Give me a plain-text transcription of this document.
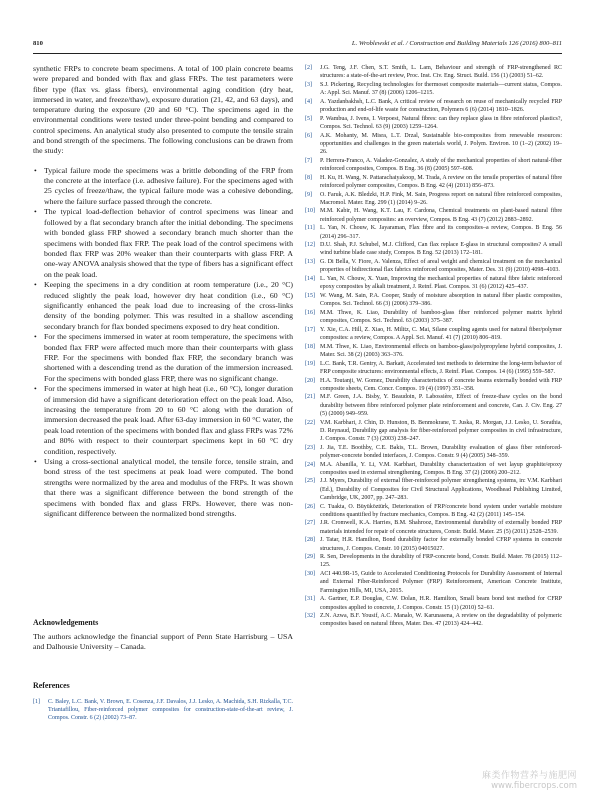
810	L. Wroblewski et al. / Construction and Building Materials 126 (2016) 800–811

synthetic FRPs to concrete beam specimens. A total of 100 plain concrete beams were prepared and bonded with flax and glass FRPs. The test parameters were fiber type (flax vs. glass fibers), environmental aging condition (dry heat, immersed in water, and freeze/thaw), exposure duration (21, 42, and 63 days), and temperature during the exposure (20 and 60 °C). The specimens aged in the environmental conditions were tested under three-point bending and compared to control specimens. An analytical study also presented to compute the tensile strain and bond strength of the specimens. The following conclusions can be drawn from the study:

• Typical failure mode the specimens was a brittle debonding of the FRP from the concrete at the interface (i.e. adhesive failure). For the specimens aged with 25 cycles of freeze/thaw, the typical failure mode was a cohesive debonding, where the failure surface passed through the concrete.
• The typical load-deflection behavior of control specimens was linear and followed by a flat secondary branch after the initial debonding. The specimens with bonded glass FRP showed a secondary branch much shorter than the specimens with bonded flax FRP. The peak load of the control specimens with bonded flax FRP was 20% weaker than their counterparts with glass FRP. A one-way ANOVA analysis showed that the type of fibers has a significant effect on the peak load.
• Keeping the specimens in a dry condition at room temperature (i.e., 20 °C) reduced slightly the peak load, however dry heat condition (i.e., 60 °C) significantly enhanced the peak load due to increasing of the cross-links density of the bonding polymer. This was resulted in a shallow ascending secondary branch for flax bonded specimens exposed to dry heat condition.
• For the specimens immersed in water at room temperature, the specimens with bonded flax FRP were affected much more than their counterparts with glass FRP. For the specimens with bonded flax FRP, the secondary branch was shortened with a descending trend as the duration of the immersion increased. For the specimens with bonded glass FRP, there was no significant change.
• For the specimens immersed in water at high heat (i.e., 60 °C), longer duration of immersion did have a significant deterioration effect on the peak load. Also, increasing the temperature from 20 to 60 °C along with the duration of immersion decreased the peak load. After 63-day immersion in 60 °C water, the peak load retention of the specimens with bonded flax and glass FRPs was 72% and 80% with respect to their counterpart specimens kept in 60 °C dry condition, respectively.
• Using a cross-sectional analytical model, the tensile force, tensile strain, and bond stress of the test specimens at peak load were computed. The bond strengths were normalized by the area and modulus of the FRPs. It was shown that there was a significant difference between the bond strength of the specimens with bonded flax and glass FRPs. However, there was non-significant difference between the normalized bond strengths.
Acknowledgements

The authors acknowledge the financial support of Penn State Harrisburg – USA and Dalhousie University – Canada.

References
[1]	C. Baley, L.C. Bank, V. Brown, E. Cosenza, J.F. Davalos, J.J. Lesko, A. Machida, S.H. Rizkalla, T.C. Triantafillou, Fiber-reinforced polymer composites for construction-state-of-the-art review, J. Compos. Constr. 6 (2) (2002) 73–87.
[2]	J.G. Teng, J.F. Chen, S.T. Smith, L. Lam, Behaviour and strength of FRP-strengthened RC structures: a state-of-the-art review, Proc. Inst. Civ. Eng. Struct. Build. 156 (1) (2003) 51–62.
[3]	S.J. Pickering, Recycling technologies for thermoset composite materials—current status, Compos. A: Appl. Sci. Manuf. 37 (8) (2006) 1206–1215.
[4]	A. Yazdanbakhsh, L.C. Bank, A critical review of research on reuse of mechanically recycled FRP production and end-of-life waste for construction, Polymers 6 (6) (2014) 1810–1826.
[5]	P. Wambua, J. Ivens, I. Verpoest, Natural fibres: can they replace glass in fibre reinforced plastics?, Compos. Sci. Technol. 63 (9) (2003) 1259–1264.
[6]	A.K. Mohanty, M. Misra, L.T. Drzal, Sustainable bio-composites from renewable resources: opportunities and challenges in the green materials world, J. Polym. Environ. 10 (1–2) (2002) 19–26.
[7]	P. Herrera-Franco, A. Valadez-Gonzalez, A study of the mechanical properties of short natural-fiber reinforced composites, Compos. B Eng. 36 (8) (2005) 597–608.
[8]	H. Ku, H. Wang, N. Pattarachaiyakoop, M. Trada, A review on the tensile properties of natural fibre reinforced polymer composites, Compos. B Eng. 42 (4) (2011) 856–873.
[9]	O. Faruk, A.K. Bledzki, H.P. Fink, M. Sain, Progress report on natural fibre reinforced composites, Macromol. Mater. Eng. 299 (1) (2014) 9–26.
[10] M.M. Kabir, H. Wang, K.T. Lau, F. Cardona, Chemical treatments on plant-based natural fibre reinforced polymer composites: an overview, Compos. B Eng. 43 (7) (2012) 2883–2892.
[11] L. Yan, N. Chouw, K. Jayaraman, Flax fibre and its composites–a review, Compos. B Eng. 56 (2014) 296–317.
[12] D.U. Shah, P.J. Schubel, M.J. Clifford, Can flax replace E-glass in structural composites? A small wind turbine blade case study, Compos. B Eng. 52 (2013) 172–181.
[13] G. Di Bella, V. Fiore, A. Valenza, Effect of areal weight and chemical treatment on the mechanical properties of bidirectional flax fabrics reinforced composites, Mater. Des. 31 (9) (2010) 4098–4103.
[14] L. Yan, N. Chouw, X. Yuan, Improving the mechanical properties of natural fibre fabric reinforced epoxy composites by alkali treatment, J. Reinf. Plast. Compos. 31 (6) (2012) 425–437.
[15] W. Wang, M. Sain, P.A. Cooper, Study of moisture absorption in natural fiber plastic composites, Compos. Sci. Technol. 66 (3) (2006) 379–386.
[16] M.M. Thwe, K. Liao, Durability of bamboo-glass fiber reinforced polymer matrix hybrid composites, Compos. Sci. Technol. 63 (2003) 375–387.
[17] Y. Xie, C.A. Hill, Z. Xiao, H. Militz, C. Mai, Silane coupling agents used for natural fiber/polymer composites: a review, Compos. A Appl. Sci. Manuf. 41 (7) (2010) 806–819.
[18] M.M. Thwe, K. Liao, Environmental effects on bamboo-glass/polypropylene hybrid composites, J. Mater. Sci. 38 (2) (2003) 363–376.
[19] L.C. Bank, T.R. Gentry, A. Barkatt, Accelerated test methods to determine the long-term behavior of FRP composite structures: environmental effects, J. Reinf. Plast. Compos. 14 (6) (1995) 559–587.
[20] H.A. Toutanji, W. Gomez, Durability characteristics of concrete beams externally bonded with FRP composite sheets, Cem. Concr. Compos. 19 (4) (1997) 351–358.
[21] M.F. Green, J.A. Bisby, Y. Beaudoin, P. Labossière, Effect of freeze-thaw cycles on the bond durability between fibre reinforced polymer plate reinforcement and concrete, Can. J. Civ. Eng. 27 (5) (2000) 949–959.
[22] V.M. Karbhari, J. Chin, D. Hunston, B. Benmokrane, T. Juska, R. Morgan, J.J. Lesko, U. Sorathia, D. Reynaud, Durability gap analysis for fiber-reinforced polymer composites in civil infrastructure, J. Compos. Constr. 7 (3) (2003) 238–247.
[23] J. Jia, T.E. Boothby, C.E. Bakis, T.L. Brown, Durability evaluation of glass fiber reinforced-polymer-concrete bonded interfaces, J. Compos. Constr. 9 (4) (2005) 348–359.
[24] M.A. Abanilla, Y. Li, V.M. Karbhari, Durability characterization of wet layup graphite/epoxy composites used in external strengthening, Compos. B Eng. 37 (2) (2006) 200–212.
[25] J.J. Myers, Durability of external fiber-reinforced polymer strengthening systems, in: V.M. Karbhari (Ed.), Durability of Composites for Civil Structural Applications, Woodhead Publishing Limited, Cambridge, UK, 2007, pp. 247–283.
[26] C. Tuakta, O. Büyüköztürk, Deterioration of FRP/concrete bond system under variable moisture conditions quantified by fracture mechanics, Compos. B Eng. 42 (2) (2011) 145–154.
[27] J.R. Cromwell, K.A. Harries, B.M. Shahrooz, Environmental durability of externally bonded FRP materials intended for repair of concrete structures, Constr. Build. Mater. 25 (5) (2011) 2528–2539.
[28] J. Tatar, H.R. Hamilton, Bond durability factor for externally bonded CFRP systems in concrete structures, J. Compos. Constr. 10 (2015) 04015027.
[29] R. Sen, Developments in the durability of FRP-concrete bond, Constr. Build. Mater. 78 (2015) 112–125.
[30] ACI 440.9R-15, Guide to Accelerated Conditioning Protocols for Durability Assessment of Internal and External Fiber-Reinforced Polymer (FRP) Reinforcement, American Concrete Institute, Farmington Hills, MI, USA, 2015.
[31] A. Gartner, E.P. Douglas, C.W. Dolan, H.R. Hamilton, Small beam bond test method for CFRP composites applied to concrete, J. Compos. Constr. 15 (1) (2010) 52–61.
[32] Z.N. Azwa, B.F. Yousif, A.C. Manalo, W. Karunasena, A review on the degradability of polymeric composites based on natural fibres, Mater. Des. 47 (2013) 424–442.
麻类作物营养与施肥网
www.fibercrops.com
